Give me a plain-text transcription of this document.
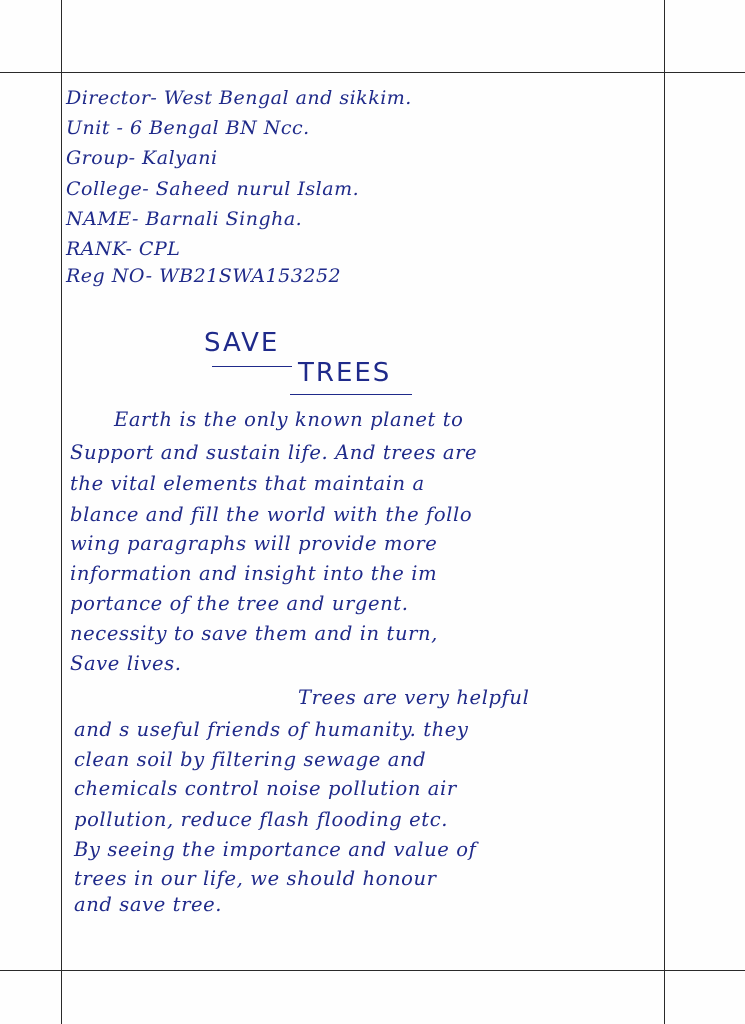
Director- West Bengal and sikkim.
Unit - 6 Bengal BN Ncc.
Group- Kalyani
College- Saheed nurul Islam.
NAME- Barnali Singha.
RANK- CPL
Reg NO- WB21SWA153252
SAVE
TREES
Earth is the only known planet to
Support and sustain life. And trees are
the vital elements that maintain a
blance and fill the world with the follo
wing paragraphs will provide more
information and insight into the im
portance of the tree and urgent.
necessity to save them and in turn,
Save lives.
Trees are very helpful
and s useful friends of humanity. they
clean soil by filtering sewage and
chemicals control noise pollution air
pollution, reduce flash flooding etc.
By seeing the importance and value of
trees in our life, we should honour
and save tree.
